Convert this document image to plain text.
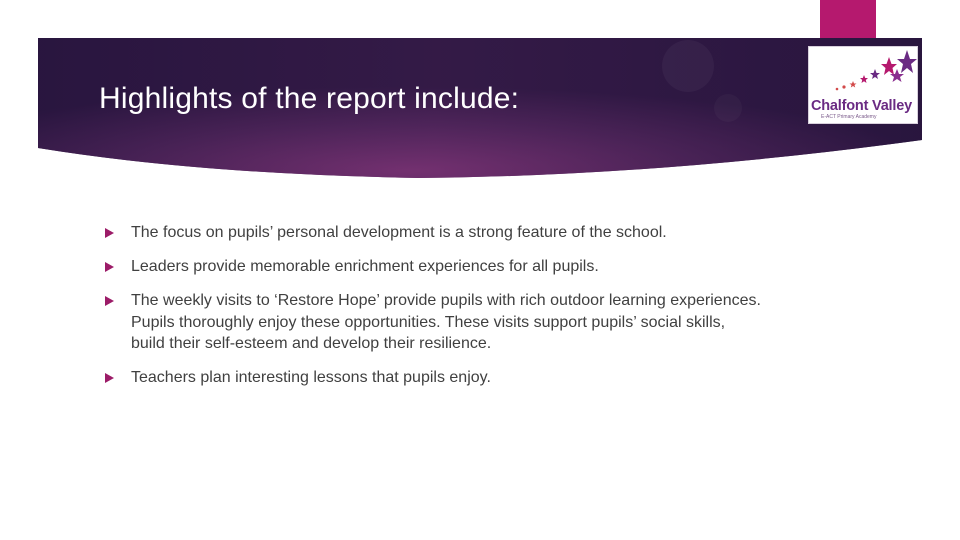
Highlights of the report include:	Chalfont Valley
E-ACT Primary Academy
The focus on pupils’ personal development is a strong feature of the school.
Leaders provide memorable enrichment experiences for all pupils.
The weekly visits to ‘Restore Hope’ provide pupils with rich outdoor learning experiences. Pupils thoroughly enjoy these opportunities. These visits support pupils’ social skills, build their self-esteem and develop their resilience.
Teachers plan interesting lessons that pupils enjoy.
